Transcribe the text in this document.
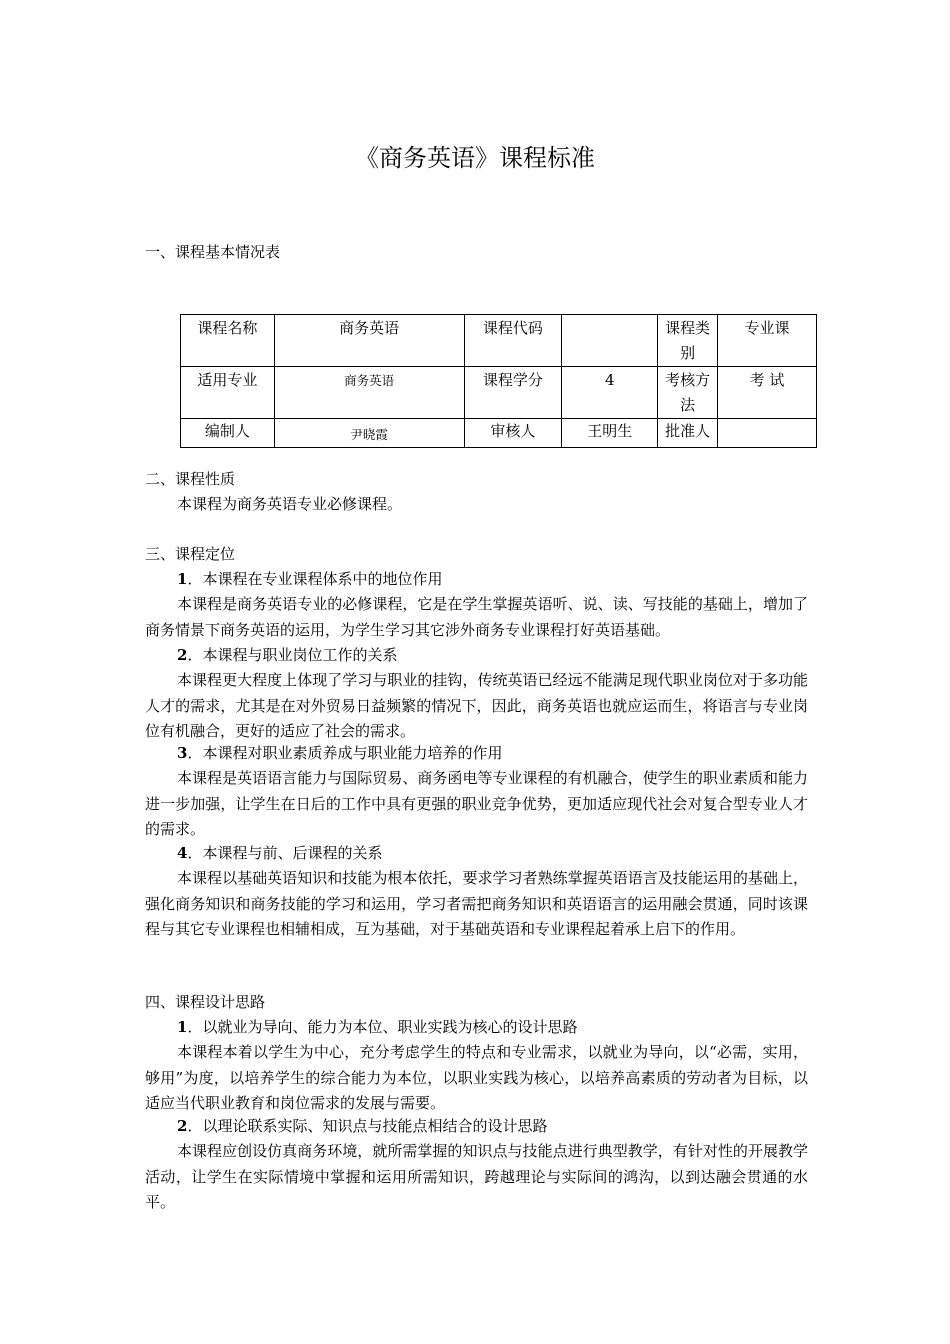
《商务英语》课程标准
一、课程基本情况表
课程名称	商务英语	课程代码		课程类别	专业课
适用专业	商务英语	课程学分	4	考核方法	考 试
编制人	尹晓霞	审核人	王明生	批准人	
二、课程性质
本课程为商务英语专业必修课程。
三、课程定位
1．本课程在专业课程体系中的地位作用
本课程是商务英语专业的必修课程，它是在学生掌握英语听、说、读、写技能的基础上，增加了商务情景下商务英语的运用，为学生学习其它涉外商务专业课程打好英语基础。
2．本课程与职业岗位工作的关系
本课程更大程度上体现了学习与职业的挂钩，传统英语已经远不能满足现代职业岗位对于多功能人才的需求，尤其是在对外贸易日益频繁的情况下，因此，商务英语也就应运而生，将语言与专业岗位有机融合，更好的适应了社会的需求。
3．本课程对职业素质养成与职业能力培养的作用
本课程是英语语言能力与国际贸易、商务函电等专业课程的有机融合，使学生的职业素质和能力进一步加强，让学生在日后的工作中具有更强的职业竞争优势，更加适应现代社会对复合型专业人才的需求。
4．本课程与前、后课程的关系
本课程以基础英语知识和技能为根本依托，要求学习者熟练掌握英语语言及技能运用的基础上，强化商务知识和商务技能的学习和运用，学习者需把商务知识和英语语言的运用融会贯通，同时该课程与其它专业课程也相辅相成，互为基础，对于基础英语和专业课程起着承上启下的作用。
四、课程设计思路
1．以就业为导向、能力为本位、职业实践为核心的设计思路
本课程本着以学生为中心，充分考虑学生的特点和专业需求，以就业为导向，以“必需，实用，够用”为度，以培养学生的综合能力为本位，以职业实践为核心，以培养高素质的劳动者为目标，以适应当代职业教育和岗位需求的发展与需要。
2．以理论联系实际、知识点与技能点相结合的设计思路
本课程应创设仿真商务环境，就所需掌握的知识点与技能点进行典型教学，有针对性的开展教学活动，让学生在实际情境中掌握和运用所需知识，跨越理论与实际间的鸿沟，以到达融会贯通的水平。
